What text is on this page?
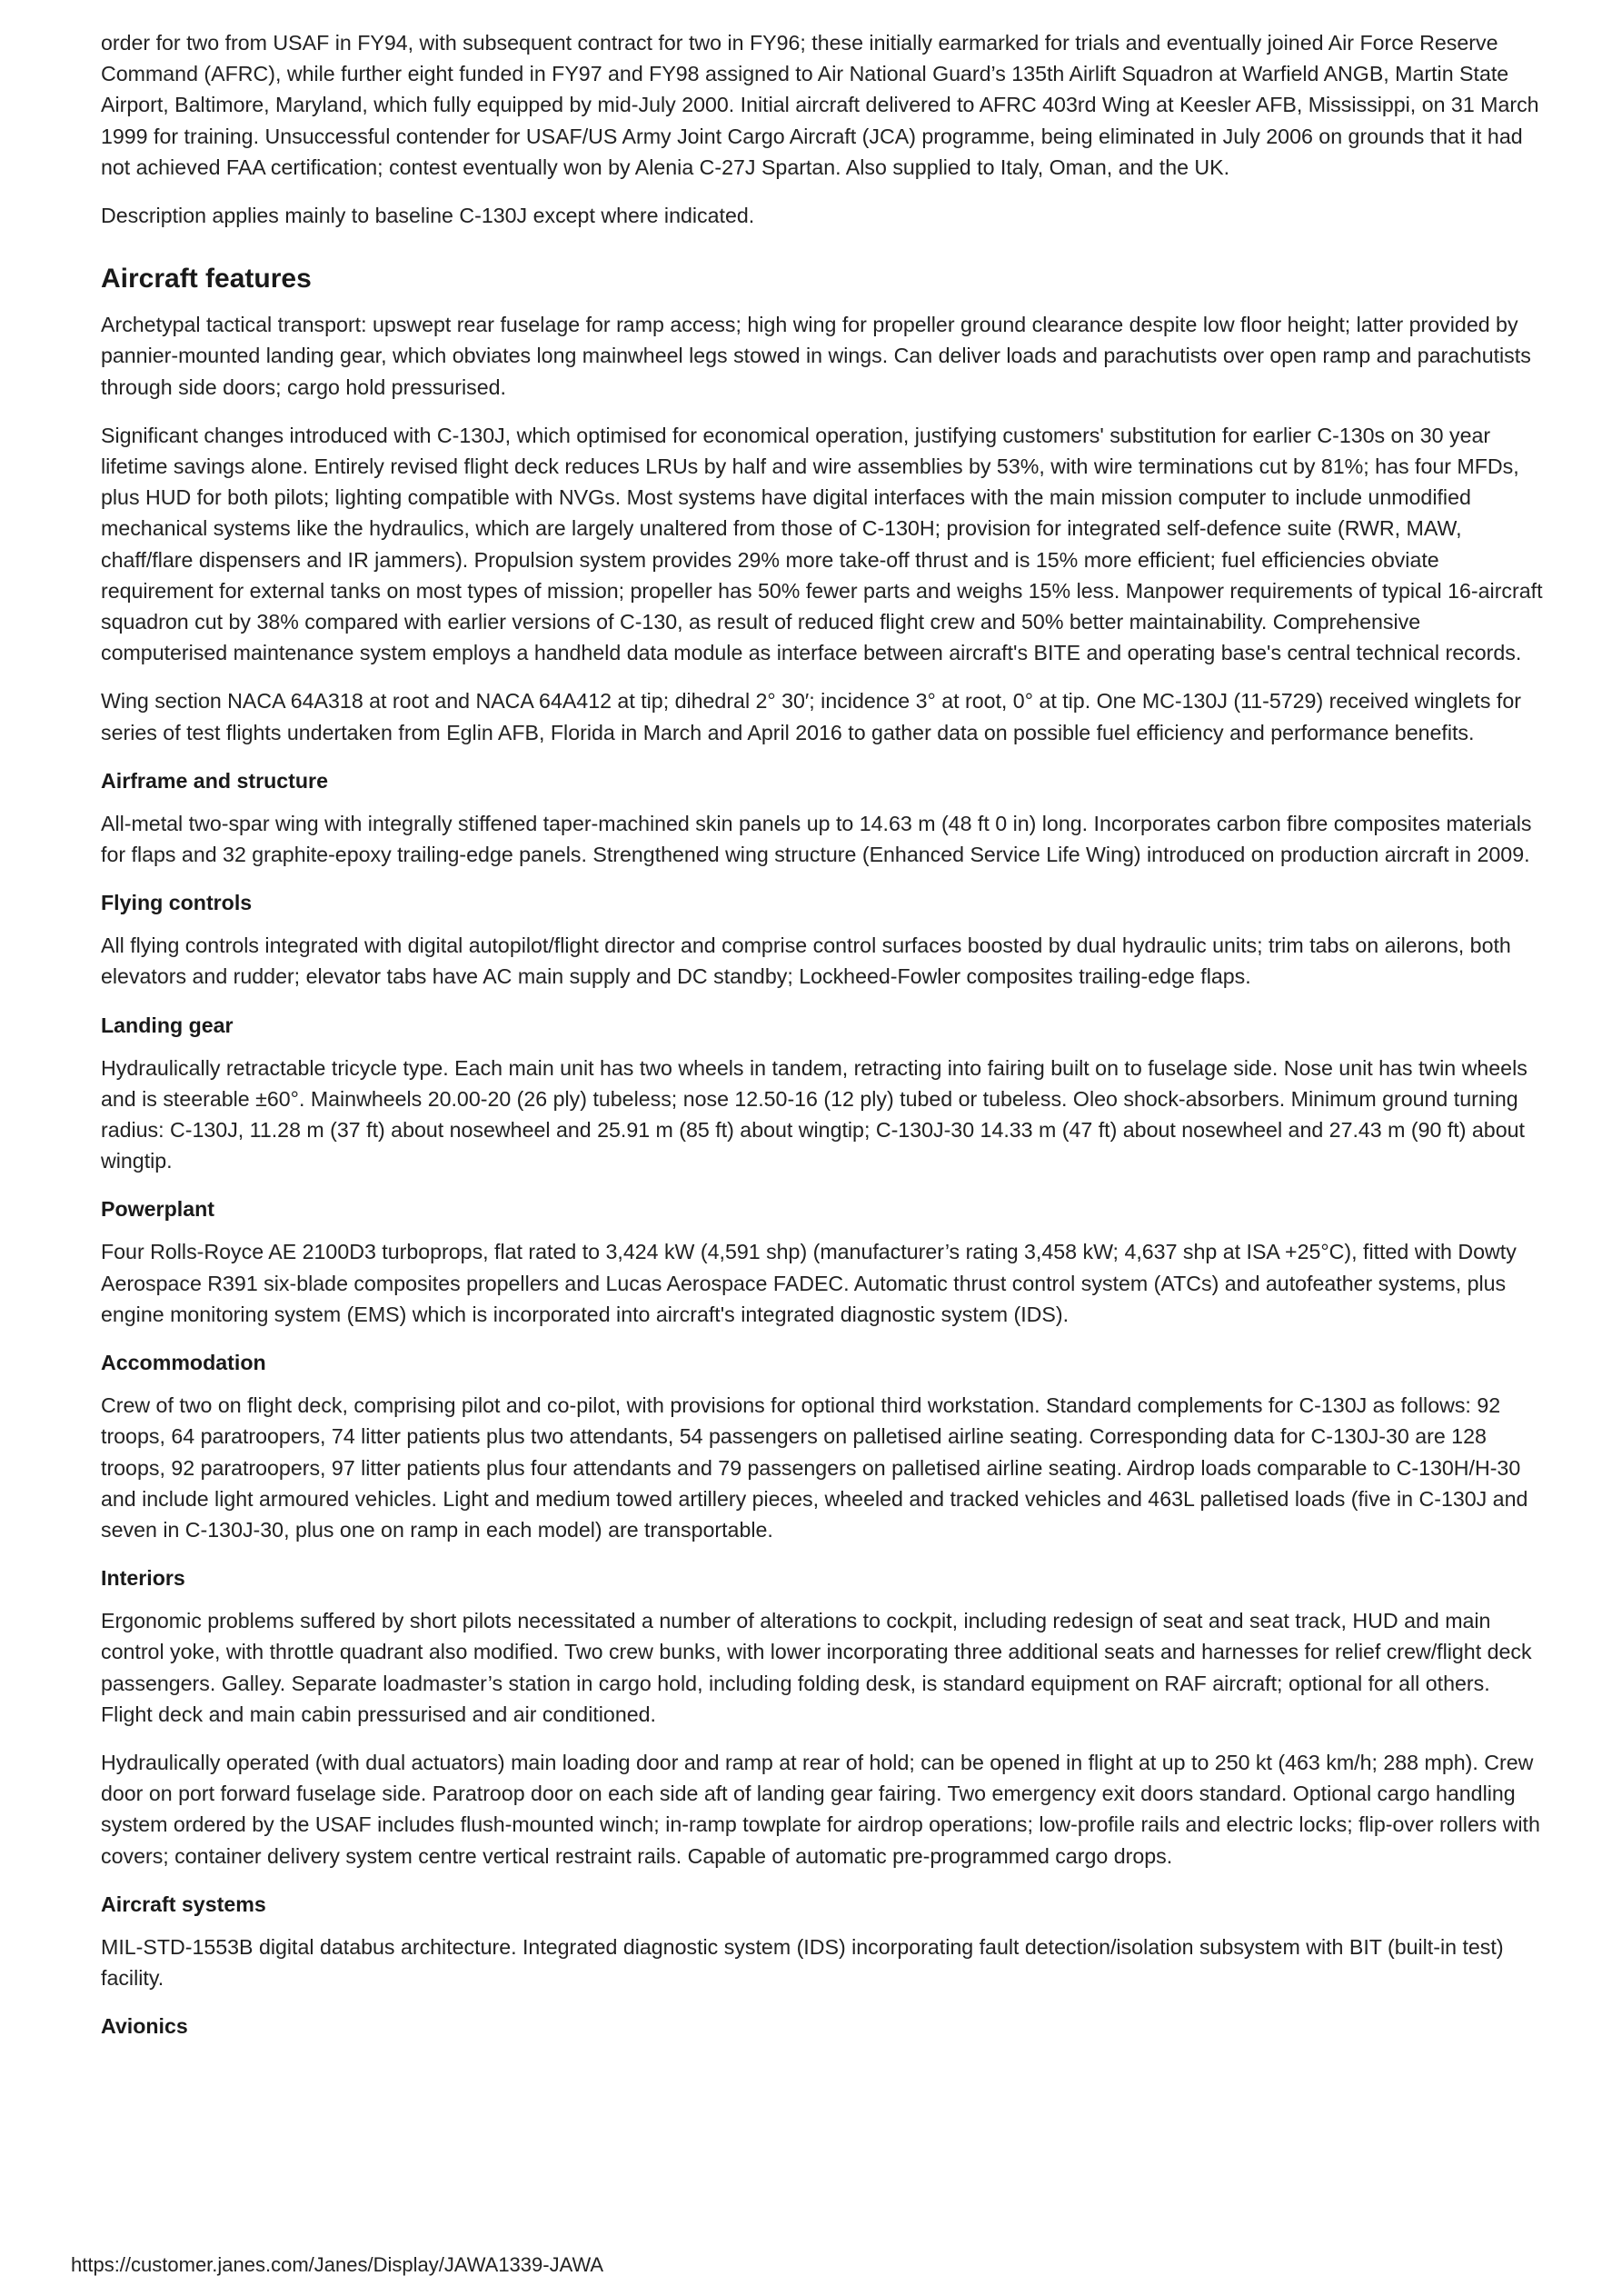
order for two from USAF in FY94, with subsequent contract for two in FY96; these initially earmarked for trials and eventually joined Air Force Reserve Command (AFRC), while further eight funded in FY97 and FY98 assigned to Air National Guard’s 135th Airlift Squadron at Warfield ANGB, Martin State Airport, Baltimore, Maryland, which fully equipped by mid-July 2000. Initial aircraft delivered to AFRC 403rd Wing at Keesler AFB, Mississippi, on 31 March 1999 for training. Unsuccessful contender for USAF/US Army Joint Cargo Aircraft (JCA) programme, being eliminated in July 2006 on grounds that it had not achieved FAA certification; contest eventually won by Alenia C-27J Spartan. Also supplied to Italy, Oman, and the UK.

Description applies mainly to baseline C-130J except where indicated.

Aircraft features

Archetypal tactical transport: upswept rear fuselage for ramp access; high wing for propeller ground clearance despite low floor height; latter provided by pannier-mounted landing gear, which obviates long mainwheel legs stowed in wings. Can deliver loads and parachutists over open ramp and parachutists through side doors; cargo hold pressurised.

Significant changes introduced with C-130J, which optimised for economical operation, justifying customers' substitution for earlier C-130s on 30 year lifetime savings alone. Entirely revised flight deck reduces LRUs by half and wire assemblies by 53%, with wire terminations cut by 81%; has four MFDs, plus HUD for both pilots; lighting compatible with NVGs. Most systems have digital interfaces with the main mission computer to include unmodified mechanical systems like the hydraulics, which are largely unaltered from those of C-130H; provision for integrated self-defence suite (RWR, MAW, chaff/flare dispensers and IR jammers). Propulsion system provides 29% more take-off thrust and is 15% more efficient; fuel efficiencies obviate requirement for external tanks on most types of mission; propeller has 50% fewer parts and weighs 15% less. Manpower requirements of typical 16-aircraft squadron cut by 38% compared with earlier versions of C-130, as result of reduced flight crew and 50% better maintainability. Comprehensive computerised maintenance system employs a handheld data module as interface between aircraft's BITE and operating base's central technical records.

Wing section NACA 64A318 at root and NACA 64A412 at tip; dihedral 2° 30′; incidence 3° at root, 0° at tip. One MC-130J (11-5729) received winglets for series of test flights undertaken from Eglin AFB, Florida in March and April 2016 to gather data on possible fuel efficiency and performance benefits.

Airframe and structure

All-metal two-spar wing with integrally stiffened taper-machined skin panels up to 14.63 m (48 ft 0 in) long. Incorporates carbon fibre composites materials for flaps and 32 graphite-epoxy trailing-edge panels. Strengthened wing structure (Enhanced Service Life Wing) introduced on production aircraft in 2009.

Flying controls

All flying controls integrated with digital autopilot/flight director and comprise control surfaces boosted by dual hydraulic units; trim tabs on ailerons, both elevators and rudder; elevator tabs have AC main supply and DC standby; Lockheed-Fowler composites trailing-edge flaps.

Landing gear

Hydraulically retractable tricycle type. Each main unit has two wheels in tandem, retracting into fairing built on to fuselage side. Nose unit has twin wheels and is steerable ±60°. Mainwheels 20.00-20 (26 ply) tubeless; nose 12.50-16 (12 ply) tubed or tubeless. Oleo shock-absorbers. Minimum ground turning radius: C-130J, 11.28 m (37 ft) about nosewheel and 25.91 m (85 ft) about wingtip; C-130J-30 14.33 m (47 ft) about nosewheel and 27.43 m (90 ft) about wingtip.

Powerplant

Four Rolls-Royce AE 2100D3 turboprops, flat rated to 3,424 kW (4,591 shp) (manufacturer’s rating 3,458 kW; 4,637 shp at ISA +25°C), fitted with Dowty Aerospace R391 six-blade composites propellers and Lucas Aerospace FADEC. Automatic thrust control system (ATCs) and autofeather systems, plus engine monitoring system (EMS) which is incorporated into aircraft's integrated diagnostic system (IDS).

Accommodation

Crew of two on flight deck, comprising pilot and co-pilot, with provisions for optional third workstation. Standard complements for C-130J as follows: 92 troops, 64 paratroopers, 74 litter patients plus two attendants, 54 passengers on palletised airline seating. Corresponding data for C-130J-30 are 128 troops, 92 paratroopers, 97 litter patients plus four attendants and 79 passengers on palletised airline seating. Airdrop loads comparable to C-130H/H-30 and include light armoured vehicles. Light and medium towed artillery pieces, wheeled and tracked vehicles and 463L palletised loads (five in C-130J and seven in C-130J-30, plus one on ramp in each model) are transportable.

Interiors

Ergonomic problems suffered by short pilots necessitated a number of alterations to cockpit, including redesign of seat and seat track, HUD and main control yoke, with throttle quadrant also modified. Two crew bunks, with lower incorporating three additional seats and harnesses for relief crew/flight deck passengers. Galley. Separate loadmaster’s station in cargo hold, including folding desk, is standard equipment on RAF aircraft; optional for all others. Flight deck and main cabin pressurised and air conditioned.

Hydraulically operated (with dual actuators) main loading door and ramp at rear of hold; can be opened in flight at up to 250 kt (463 km/h; 288 mph). Crew door on port forward fuselage side. Paratroop door on each side aft of landing gear fairing. Two emergency exit doors standard. Optional cargo handling system ordered by the USAF includes flush-mounted winch; in-ramp towplate for airdrop operations; low-profile rails and electric locks; flip-over rollers with covers; container delivery system centre vertical restraint rails. Capable of automatic pre-programmed cargo drops.

Aircraft systems

MIL-STD-1553B digital databus architecture. Integrated diagnostic system (IDS) incorporating fault detection/isolation subsystem with BIT (built-in test) facility.

Avionics
https://customer.janes.com/Janes/Display/JAWA1339-JAWA
